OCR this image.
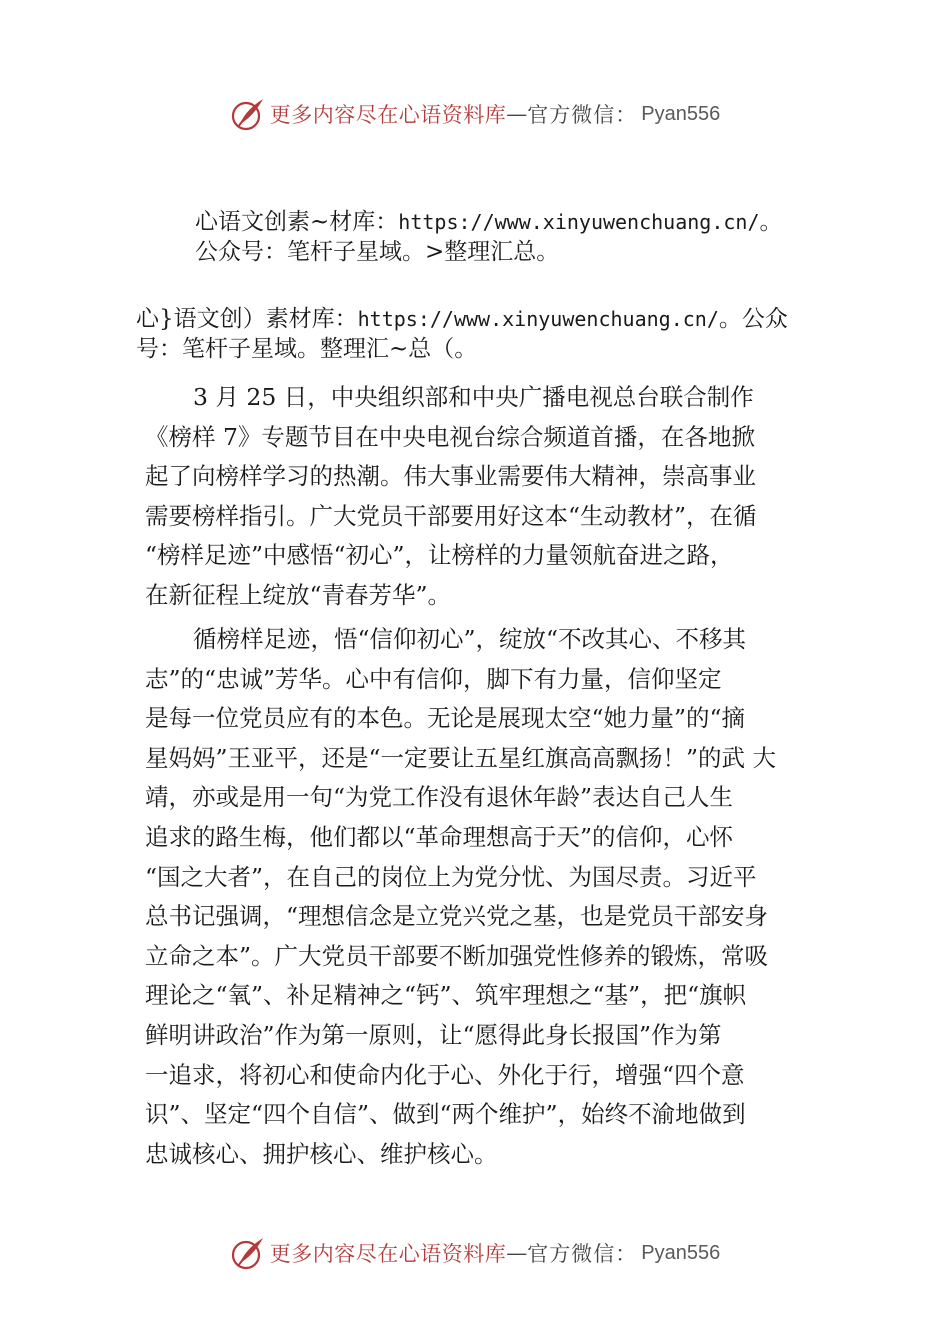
更多内容尽在心语资料库 — 官方微信： Pyan556
心语文创素~材库：https://www.xinyuwenchuang.cn/。
公众号：笔杆子星域。>整理汇总。
心}语文创）素材库：https://www.xinyuwenchuang.cn/。公众
号：笔杆子星域。整理汇~总（。
3 月 25 日，中央组织部和中央广播电视总台联合制作
《榜样 7》专题节目在中央电视台综合频道首播，在各地掀
起了向榜样学习的热潮。伟大事业需要伟大精神，崇高事业
需要榜样指引。广大党员干部要用好这本“生动教材”，在循
“榜样足迹”中感悟“初心”，让榜样的力量领航奋进之路，
在新征程上绽放“青春芳华”。
循榜样足迹，悟“信仰初心”，绽放“不改其心、不移其
志”的“忠诚”芳华。心中有信仰，脚下有力量，信仰坚定
是每一位党员应有的本色。无论是展现太空“她力量”的“摘
星妈妈”王亚平，还是“一定要让五星红旗高高飘扬！”的武 大
靖，亦或是用一句“为党工作没有退休年龄”表达自己人生
追求的路生梅，他们都以“革命理想高于天”的信仰，心怀
“国之大者”，在自己的岗位上为党分忧、为国尽责。习近平
总书记强调，“理想信念是立党兴党之基，也是党员干部安身
立命之本”。广大党员干部要不断加强党性修养的锻炼，常吸
理论之“氧”、补足精神之“钙”、筑牢理想之“基”，把“旗帜
鲜明讲政治”作为第一原则，让“愿得此身长报国”作为第
一追求，将初心和使命内化于心、外化于行，增强“四个意
识”、坚定“四个自信”、做到“两个维护”，始终不渝地做到
忠诚核心、拥护核心、维护核心。
更多内容尽在心语资料库 — 官方微信： Pyan556
